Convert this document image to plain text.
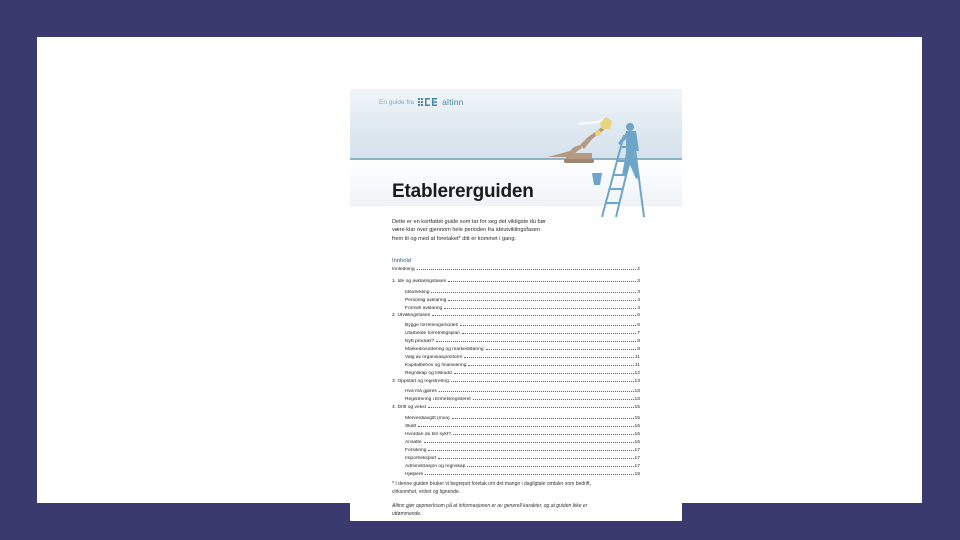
En guide fra	altinn
Etablererguiden
Dette er en kortfattet guide som tar for seg det viktigste du bør
være klar over gjennom hele perioden fra idéutviklingsfasen
frem til og med at foretaket* ditt er kommet i gang.
Innhold
Innledning	2
1. Idé og avklaringsfasen	3
Idéutvikling	3
Personlig avklaring	4
Formell avklaring	4
2. Utviklingsfasen	6
Bygge forretningsmodell	6
Utarbeide forretningsplan	7
Nytt produkt?	8
Markedsvurdering og markedsføring	8
Valg av organisasjonsform	11
Kapitalbehov og finansiering	11
Regnskap og tilskudd	12
3. Oppstart og registrering	13
Hva må gjøres	13
Registrering i Enhetsregisteret	13
4. Drift og vekst	15
Merverdiavgift (mva)	15
Skatt	16
Hvordan du blir sykt?	16
Ansatte	16
Forsikring	17
Import/eksport	17
Administrasjon og regnskap	17
Hjelpere	19
* I denne guiden bruker vi begrepet foretak om det mange i dagligtale omtaler som bedrift,
virksomhet, enhet og lignende.
Altinn gjør oppmerksom på at informasjonen er av generell karakter, og at guiden ikke er
uttømmende.
